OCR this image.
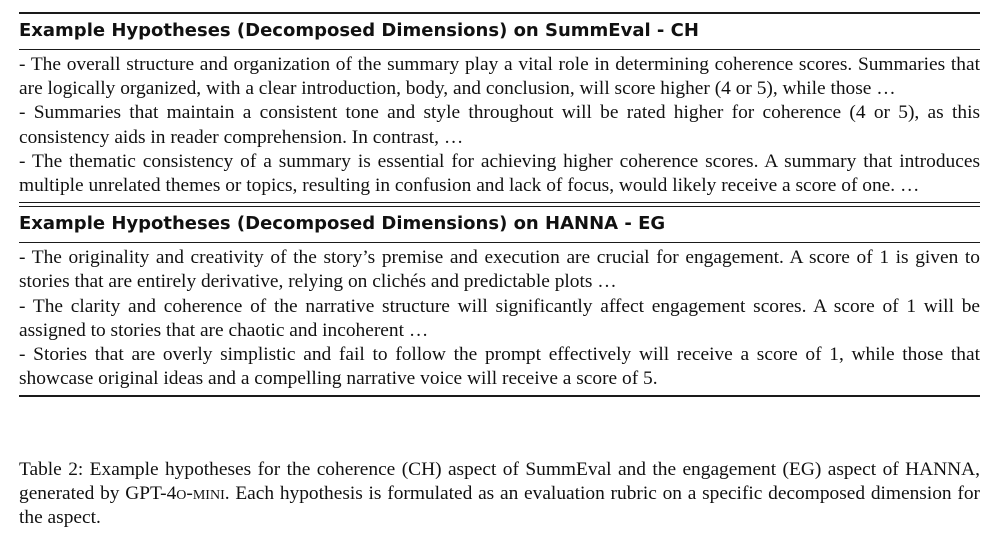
Example Hypotheses (Decomposed Dimensions) on SummEval - CH

- The overall structure and organization of the summary play a vital role in determining coherence scores. Summaries that are logically organized, with a clear introduction, body, and conclusion, will score higher (4 or 5), while those …

- Summaries that maintain a consistent tone and style throughout will be rated higher for coherence (4 or 5), as this consistency aids in reader comprehension. In contrast, …

- The thematic consistency of a summary is essential for achieving higher coherence scores. A summary that introduces multiple unrelated themes or topics, resulting in confusion and lack of focus, would likely receive a score of one. …

Example Hypotheses (Decomposed Dimensions) on HANNA - EG

- The originality and creativity of the story’s premise and execution are crucial for engagement. A score of 1 is given to stories that are entirely derivative, relying on clichés and predictable plots …

- The clarity and coherence of the narrative structure will significantly affect engagement scores. A score of 1 will be assigned to stories that are chaotic and incoherent …

- Stories that are overly simplistic and fail to follow the prompt effectively will receive a score of 1, while those that showcase original ideas and a compelling narrative voice will receive a score of 5.

Table 2: Example hypotheses for the coherence (CH) aspect of SummEval and the engagement (EG) aspect of HANNA, generated by GPT-4o-mini. Each hypothesis is formulated as an evaluation rubric on a specific decomposed dimension for the aspect.
